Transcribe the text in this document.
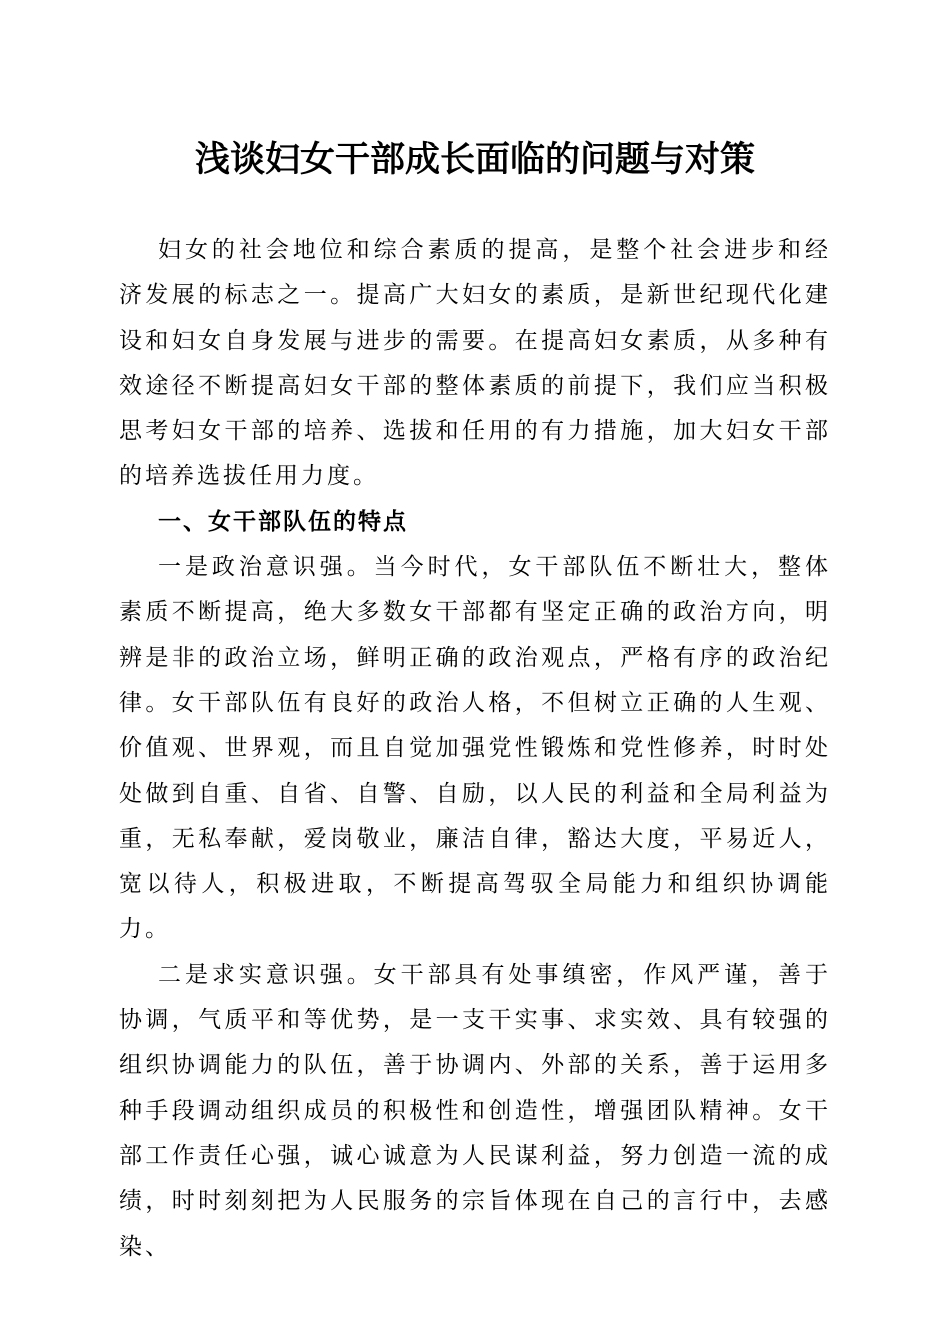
浅谈妇女干部成长面临的问题与对策

妇女的社会地位和综合素质的提高，是整个社会进步和经济发展的标志之一。提高广大妇女的素质，是新世纪现代化建设和妇女自身发展与进步的需要。在提高妇女素质，从多种有效途径不断提高妇女干部的整体素质的前提下，我们应当积极思考妇女干部的培养、选拔和任用的有力措施，加大妇女干部的培养选拔任用力度。

一、女干部队伍的特点

一是政治意识强。当今时代，女干部队伍不断壮大，整体素质不断提高，绝大多数女干部都有坚定正确的政治方向，明辨是非的政治立场，鲜明正确的政治观点，严格有序的政治纪律。女干部队伍有良好的政治人格，不但树立正确的人生观、价值观、世界观，而且自觉加强党性锻炼和党性修养，时时处处做到自重、自省、自警、自励，以人民的利益和全局利益为重，无私奉献，爱岗敬业，廉洁自律，豁达大度，平易近人，宽以待人，积极进取，不断提高驾驭全局能力和组织协调能力。

二是求实意识强。女干部具有处事缜密，作风严谨，善于协调，气质平和等优势，是一支干实事、求实效、具有较强的组织协调能力的队伍，善于协调内、外部的关系，善于运用多种手段调动组织成员的积极性和创造性，增强团队精神。女干部工作责任心强，诚心诚意为人民谋利益，努力创造一流的成绩，时时刻刻把为人民服务的宗旨体现在自己的言行中，去感染、
